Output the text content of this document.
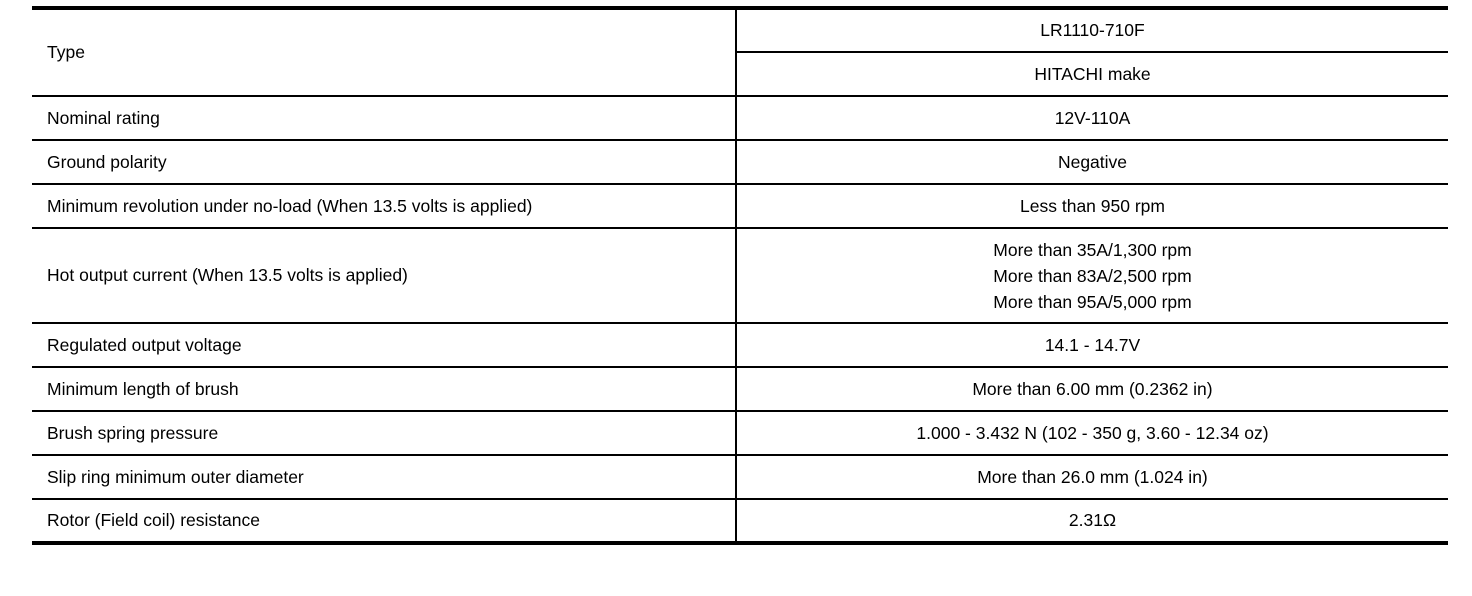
Type	LR1110-710F
	HITACHI make
Nominal rating	12V-110A
Ground polarity	Negative
Minimum revolution under no-load (When 13.5 volts is applied)	Less than 950 rpm
Hot output current (When 13.5 volts is applied)	More than 35A/1,300 rpm
More than 83A/2,500 rpm
More than 95A/5,000 rpm

Regulated output voltage	14.1 - 14.7V
Minimum length of brush	More than 6.00 mm (0.2362 in)
Brush spring pressure	1.000 - 3.432 N (102 - 350 g, 3.60 - 12.34 oz)
Slip ring minimum outer diameter	More than 26.0 mm (1.024 in)
Rotor (Field coil) resistance	2.31Ω
